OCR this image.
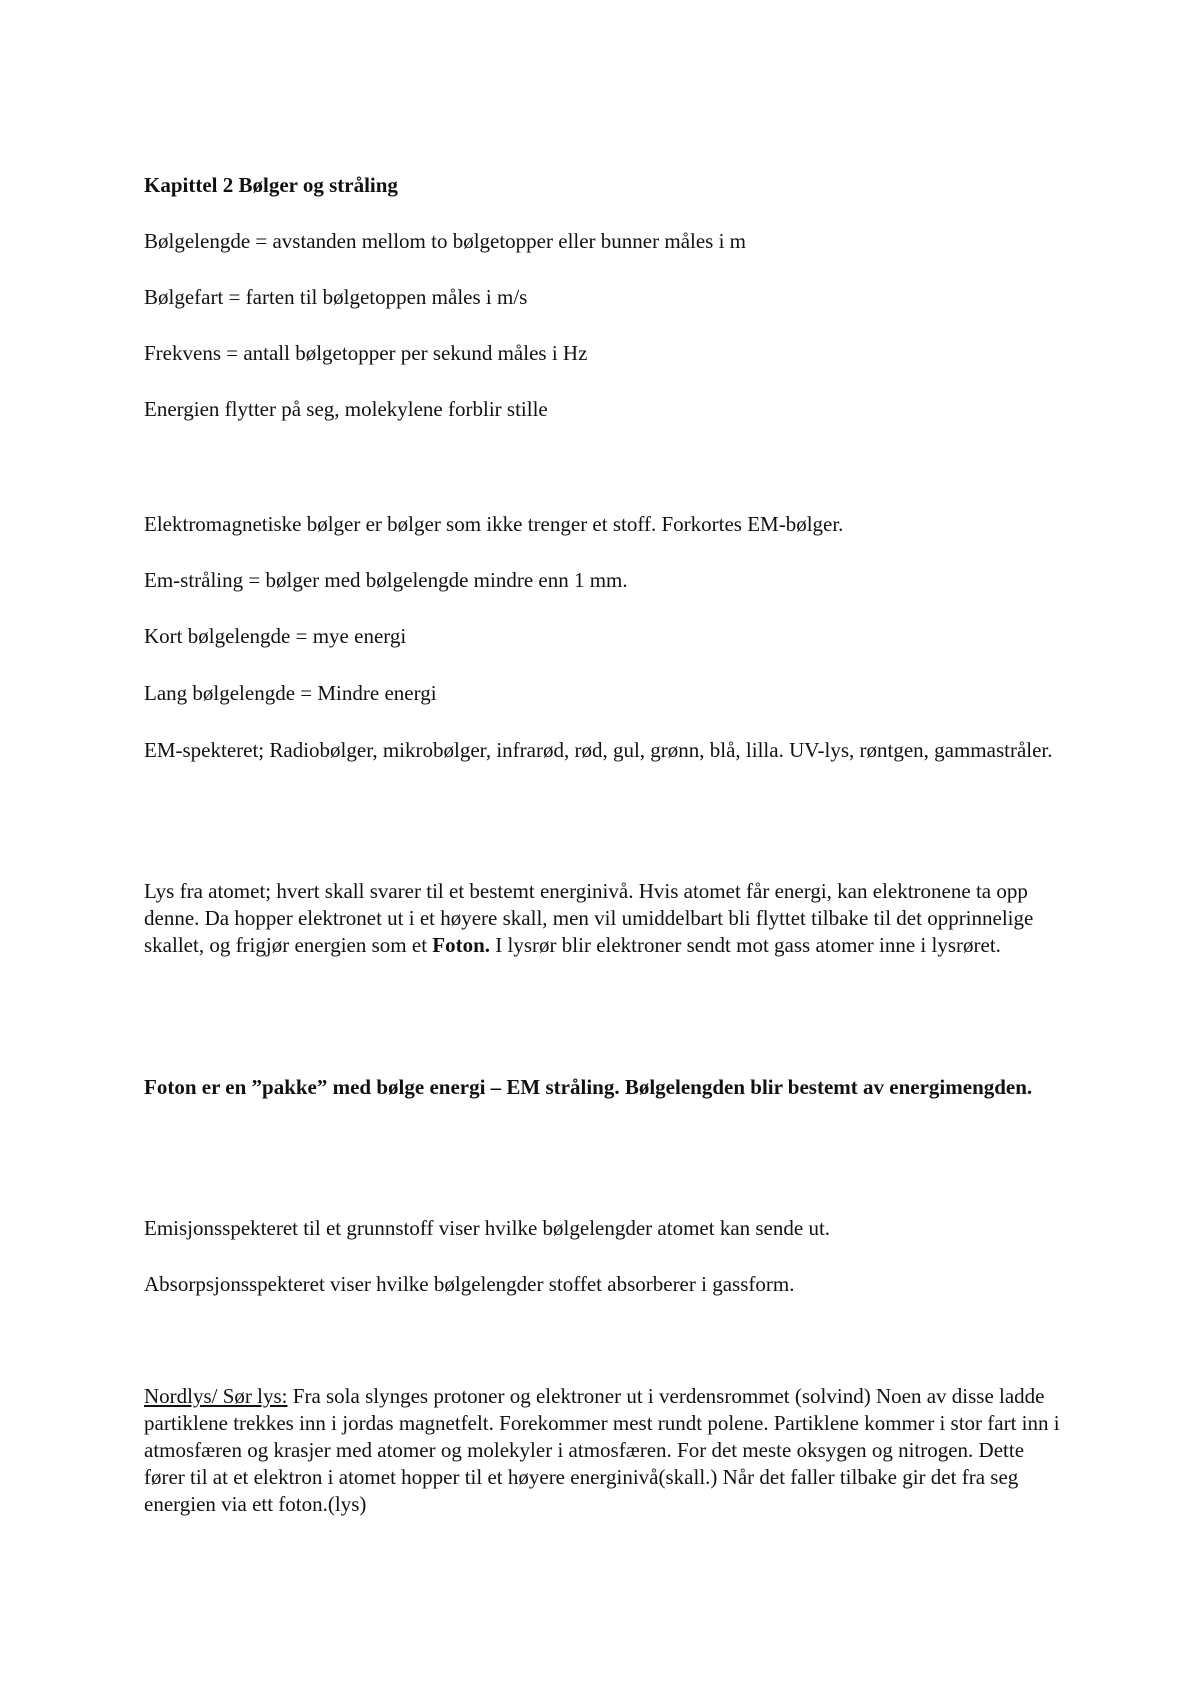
Kapittel 2 Bølger og stråling

Bølgelengde = avstanden mellom to bølgetopper eller bunner måles i m

Bølgefart = farten til bølgetoppen måles i m/s

Frekvens = antall bølgetopper per sekund måles i Hz

Energien flytter på seg, molekylene forblir stille

Elektromagnetiske bølger er bølger som ikke trenger et stoff. Forkortes EM-bølger.

Em-stråling = bølger med bølgelengde mindre enn 1 mm.

Kort bølgelengde = mye energi

Lang bølgelengde = Mindre energi

EM-spekteret; Radiobølger, mikrobølger, infrarød, rød, gul, grønn, blå, lilla. UV-lys, røntgen, gammastråler.

Lys fra atomet; hvert skall svarer til et bestemt energinivå. Hvis atomet får energi, kan elektronene ta opp denne. Da hopper elektronet ut i et høyere skall, men vil umiddelbart bli flyttet tilbake til det opprinnelige skallet, og frigjør energien som et Foton. I lysrør blir elektroner sendt mot gass atomer inne i lysrøret.

Foton er en ”pakke” med bølge energi – EM stråling. Bølgelengden blir bestemt av energimengden.

Emisjonsspekteret til et grunnstoff viser hvilke bølgelengder atomet kan sende ut.

Absorpsjonsspekteret viser hvilke bølgelengder stoffet absorberer i gassform.

Nordlys/ Sør lys: Fra sola slynges protoner og elektroner ut i verdensrommet (solvind) Noen av disse ladde partiklene trekkes inn i jordas magnetfelt. Forekommer mest rundt polene. Partiklene kommer i stor fart inn i atmosfæren og krasjer med atomer og molekyler i atmosfæren. For det meste oksygen og nitrogen. Dette fører til at et elektron i atomet hopper til et høyere energinivå(skall.) Når det faller tilbake gir det fra seg energien via ett foton.(lys)
